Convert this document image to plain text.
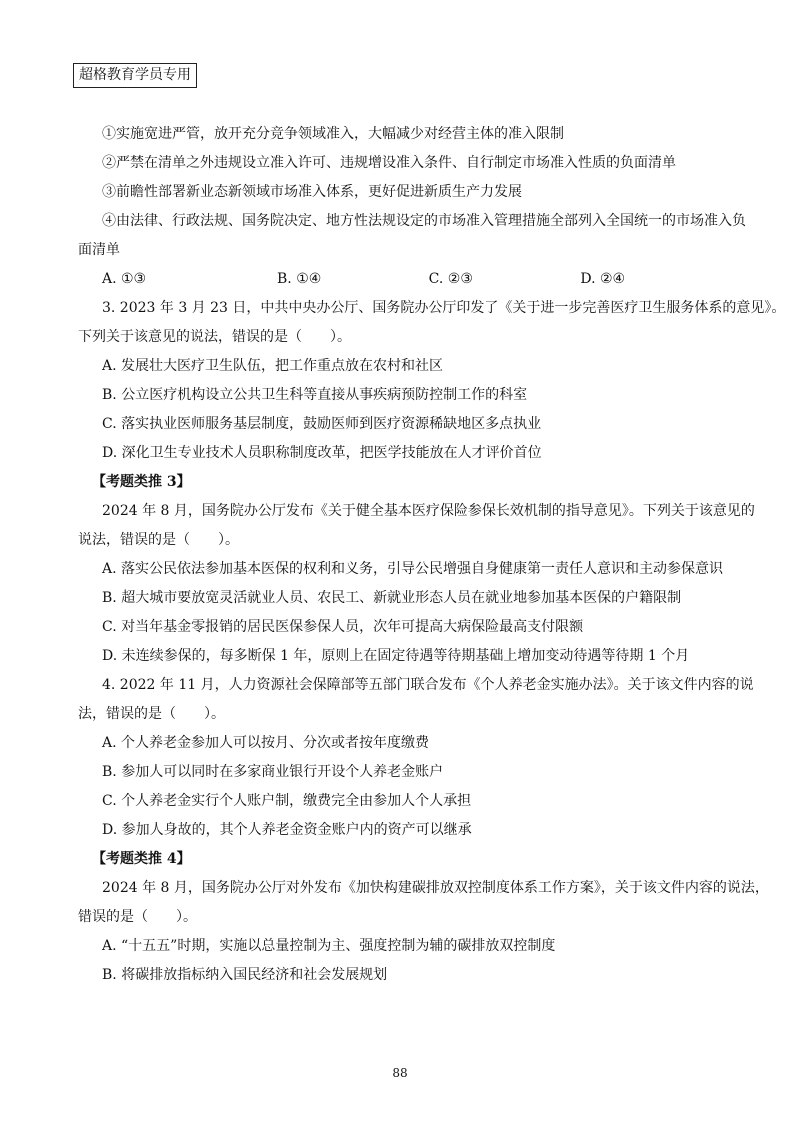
超格教育学员专用
①实施宽进严管，放开充分竞争领域准入，大幅减少对经营主体的准入限制
②严禁在清单之外违规设立准入许可、违规增设准入条件、自行制定市场准入性质的负面清单
③前瞻性部署新业态新领域市场准入体系，更好促进新质生产力发展
④由法律、行政法规、国务院决定、地方性法规设定的市场准入管理措施全部列入全国统一的市场准入负
面清单
A. ①③	B. ①④	C. ②③	D. ②④
3. 2023 年 3 月 23 日，中共中央办公厅、国务院办公厅印发了《关于进一步完善医疗卫生服务体系的意见》。
下列关于该意见的说法，错误的是（　　）。
A. 发展壮大医疗卫生队伍，把工作重点放在农村和社区
B. 公立医疗机构设立公共卫生科等直接从事疾病预防控制工作的科室
C. 落实执业医师服务基层制度，鼓励医师到医疗资源稀缺地区多点执业
D. 深化卫生专业技术人员职称制度改革，把医学技能放在人才评价首位
【考题类推 3】
2024 年 8 月，国务院办公厅发布《关于健全基本医疗保险参保长效机制的指导意见》。下列关于该意见的
说法，错误的是（　　）。
A. 落实公民依法参加基本医保的权利和义务，引导公民增强自身健康第一责任人意识和主动参保意识
B. 超大城市要放宽灵活就业人员、农民工、新就业形态人员在就业地参加基本医保的户籍限制
C. 对当年基金零报销的居民医保参保人员，次年可提高大病保险最高支付限额
D. 未连续参保的，每多断保 1 年，原则上在固定待遇等待期基础上增加变动待遇等待期 1 个月
4. 2022 年 11 月，人力资源社会保障部等五部门联合发布《个人养老金实施办法》。关于该文件内容的说
法，错误的是（　　）。
A. 个人养老金参加人可以按月、分次或者按年度缴费
B. 参加人可以同时在多家商业银行开设个人养老金账户
C. 个人养老金实行个人账户制，缴费完全由参加人个人承担
D. 参加人身故的，其个人养老金资金账户内的资产可以继承
【考题类推 4】
2024 年 8 月，国务院办公厅对外发布《加快构建碳排放双控制度体系工作方案》，关于该文件内容的说法，
错误的是（　　）。
A. “十五五”时期，实施以总量控制为主、强度控制为辅的碳排放双控制度
B. 将碳排放指标纳入国民经济和社会发展规划
88
